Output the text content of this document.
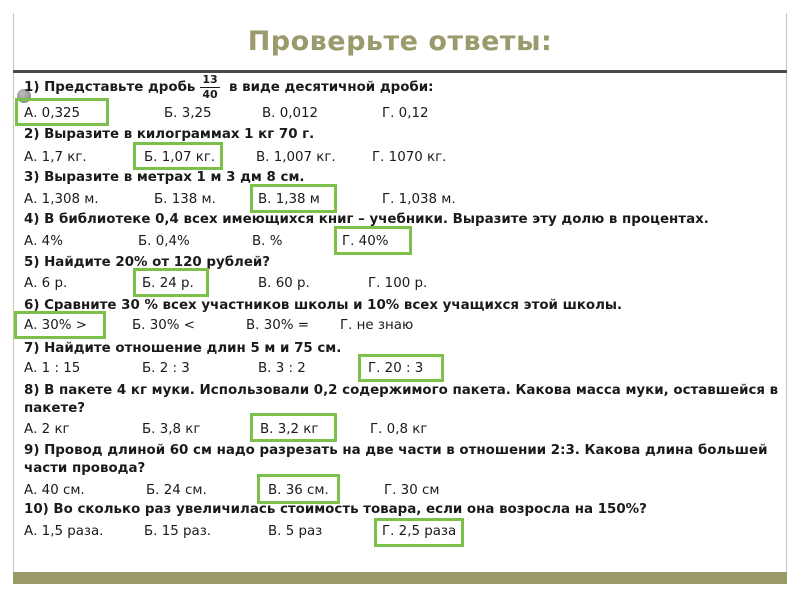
Проверьте ответы:
1) Представьте дробь	в виде десятичной дроби:
13
40
А. 0,325	Б. 3,25	В. 0,012	Г. 0,12
2) Выразите в килограммах 1 кг 70 г.
А. 1,7 кг.	Б. 1,07 кг.	В. 1,007 кг.	Г. 1070 кг.
3) Выразите в метрах 1 м 3 дм 8 см.
А. 1,308 м.	Б. 138 м.	В. 1,38 м	Г. 1,038 м.
4) В библиотеке 0,4 всех имеющихся книг – учебники. Выразите эту долю в процентах.
А. 4%	Б. 0,4%	В. %	Г. 40%
5) Найдите 20% от 120 рублей?
А. 6 р.	Б. 24 р.	В. 60 р.	Г. 100 р.
6) Сравните 30 % всех участников школы и 10% всех учащихся этой школы.
А. 30% >	Б. 30% <	В. 30% = Г. не знаю
7) Найдите отношение длин 5 м и 75 см.
А. 1 : 15	Б. 2 : 3	В. 3 : 2	Г. 20 : 3
8) В пакете 4 кг муки. Использовали 0,2 содержимого пакета. Какова масса муки, оставшейся в
пакете?
А. 2 кг	Б. 3,8 кг	В. 3,2 кг	Г. 0,8 кг
9) Провод длиной 60 см надо разрезать на две части в отношении 2:3. Какова длина большей
части провода?
А. 40 см.	Б. 24 см.	В. 36 см.	Г. 30 см
10) Во сколько раз увеличилась стоимость товара, если она возросла на 150%?
А. 1,5 раза.	Б. 15 раз.	В. 5 раз	Г. 2,5 раза
